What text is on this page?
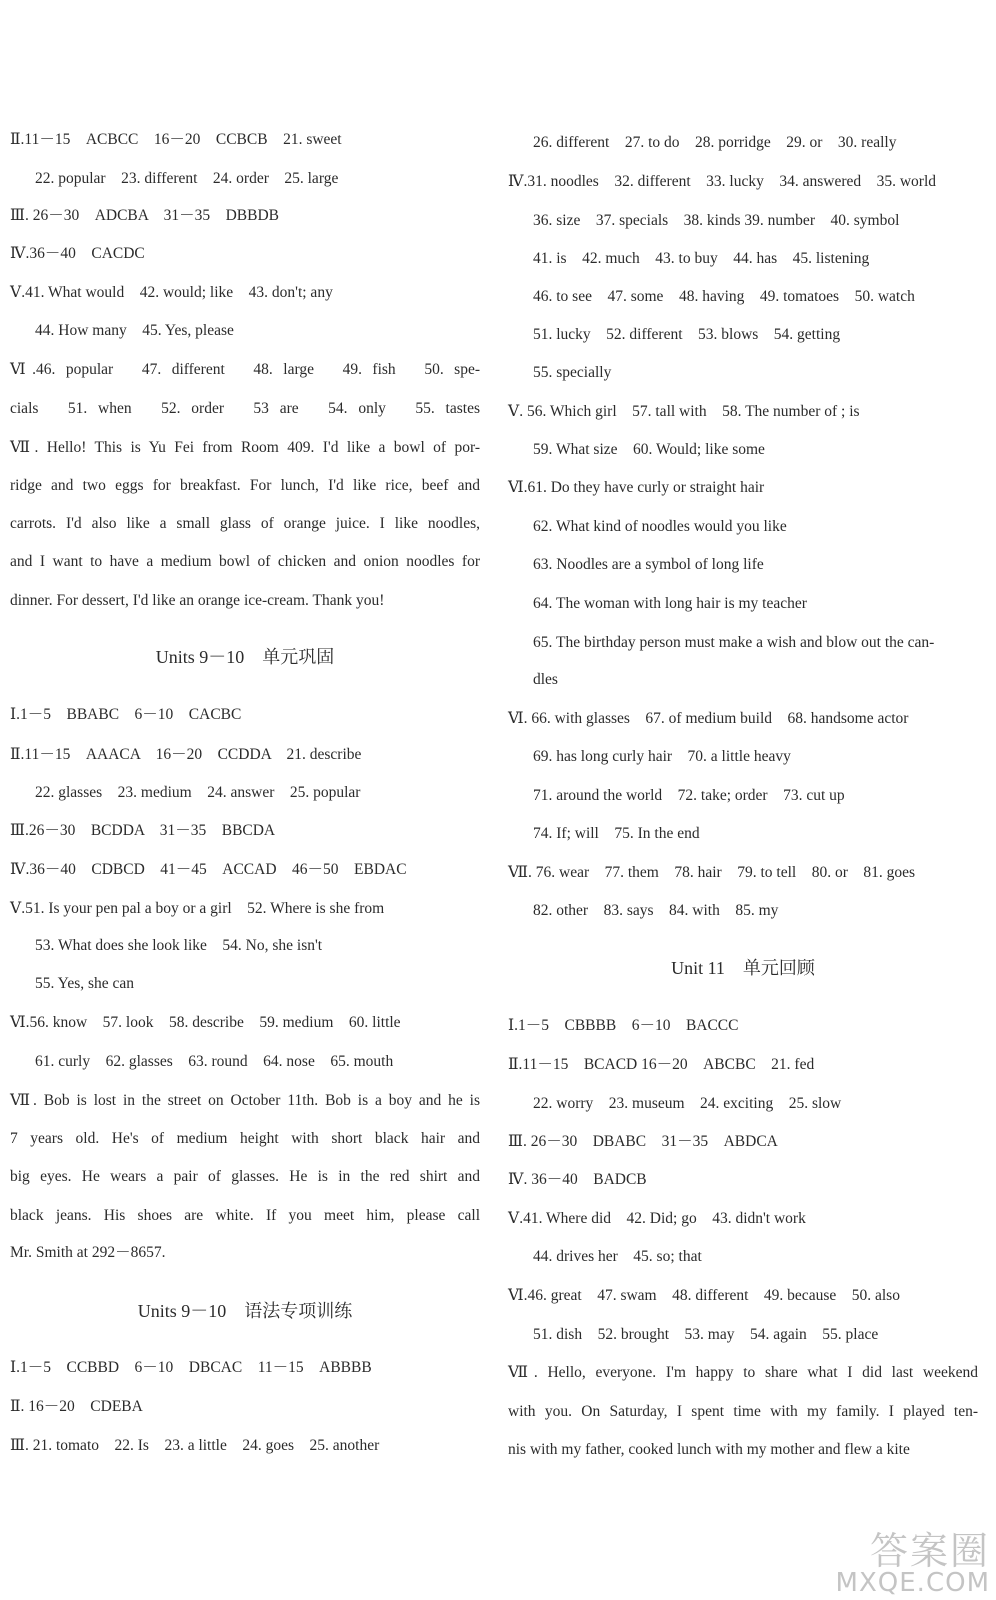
Ⅱ.11－15　ACBCC　16－20　CCBCB　21. sweet
22. popular　23. different　24. order　25. large
Ⅲ. 26－30　ADCBA　31－35　DBBDB
Ⅳ.36－40　CACDC
Ⅴ.41. What would　42. would; like　43. don't; any
44. How many　45. Yes, please
Ⅵ.46. popular　47. different　48. large　49. fish　50. spe-
cials　51. when　52. order　53 are　54. only　55. tastes
Ⅶ. Hello! This is Yu Fei from Room 409. I'd like a bowl of por-
ridge and two eggs for breakfast. For lunch, I'd like rice, beef and
carrots. I'd also like a small glass of orange juice. I like noodles,
and I want to have a medium bowl of chicken and onion noodles for
dinner. For dessert, I'd like an orange ice-cream. Thank you!
Units 9－10　单元巩固
Ⅰ.1－5　BBABC　6－10　CACBC
Ⅱ.11－15　AAACA　16－20　CCDDA　21. describe
22. glasses　23. medium　24. answer　25. popular
Ⅲ.26－30　BCDDA　31－35　BBCDA
Ⅳ.36－40　CDBCD　41－45　ACCAD　46－50　EBDAC
Ⅴ.51. Is your pen pal a boy or a girl　52. Where is she from
53. What does she look like　54. No, she isn't
55. Yes, she can
Ⅵ.56. know　57. look　58. describe　59. medium　60. little
61. curly　62. glasses　63. round　64. nose　65. mouth
Ⅶ. Bob is lost in the street on October 11th. Bob is a boy and he is
7 years old. He's of medium height with short black hair and
big eyes. He wears a pair of glasses. He is in the red shirt and
black jeans. His shoes are white. If you meet him, please call
Mr. Smith at 292－8657.
Units 9－10　语法专项训练
Ⅰ.1－5　CCBBD　6－10　DBCAC　11－15　ABBBB
Ⅱ. 16－20　CDEBA
Ⅲ. 21. tomato　22. Is　23. a little　24. goes　25. another
26. different　27. to do　28. porridge　29. or　30. really
Ⅳ.31. noodles　32. different　33. lucky　34. answered　35. world
36. size　37. specials　38. kinds 39. number　40. symbol
41. is　42. much　43. to buy　44. has　45. listening
46. to see　47. some　48. having　49. tomatoes　50. watch
51. lucky　52. different　53. blows　54. getting
55. specially
Ⅴ. 56. Which girl　57. tall with　58. The number of ; is
59. What size　60. Would; like some
Ⅵ.61. Do they have curly or straight hair
62. What kind of noodles would you like
63. Noodles are a symbol of long life
64. The woman with long hair is my teacher
65. The birthday person must make a wish and blow out the can-
dles
Ⅵ. 66. with glasses　67. of medium build　68. handsome actor
69. has long curly hair　70. a little heavy
71. around the world　72. take; order　73. cut up
74. If; will　75. In the end
Ⅶ. 76. wear　77. them　78. hair　79. to tell　80. or　81. goes
82. other　83. says　84. with　85. my
Unit 11　单元回顾
Ⅰ.1－5　CBBBB　6－10　BACCC
Ⅱ.11－15　BCACD 16－20　ABCBC　21. fed
22. worry　23. museum　24. exciting　25. slow
Ⅲ. 26－30　DBABC　31－35　ABDCA
Ⅳ. 36－40　BADCB
Ⅴ.41. Where did　42. Did; go　43. didn't work
44. drives her　45. so; that
Ⅵ.46. great　47. swam　48. different　49. because　50. also
51. dish　52. brought　53. may　54. again　55. place
Ⅶ. Hello, everyone. I'm happy to share what I did last weekend
with you. On Saturday, I spent time with my family. I played ten-
nis with my father, cooked lunch with my mother and flew a kite
答案圈
MXQE.COM
